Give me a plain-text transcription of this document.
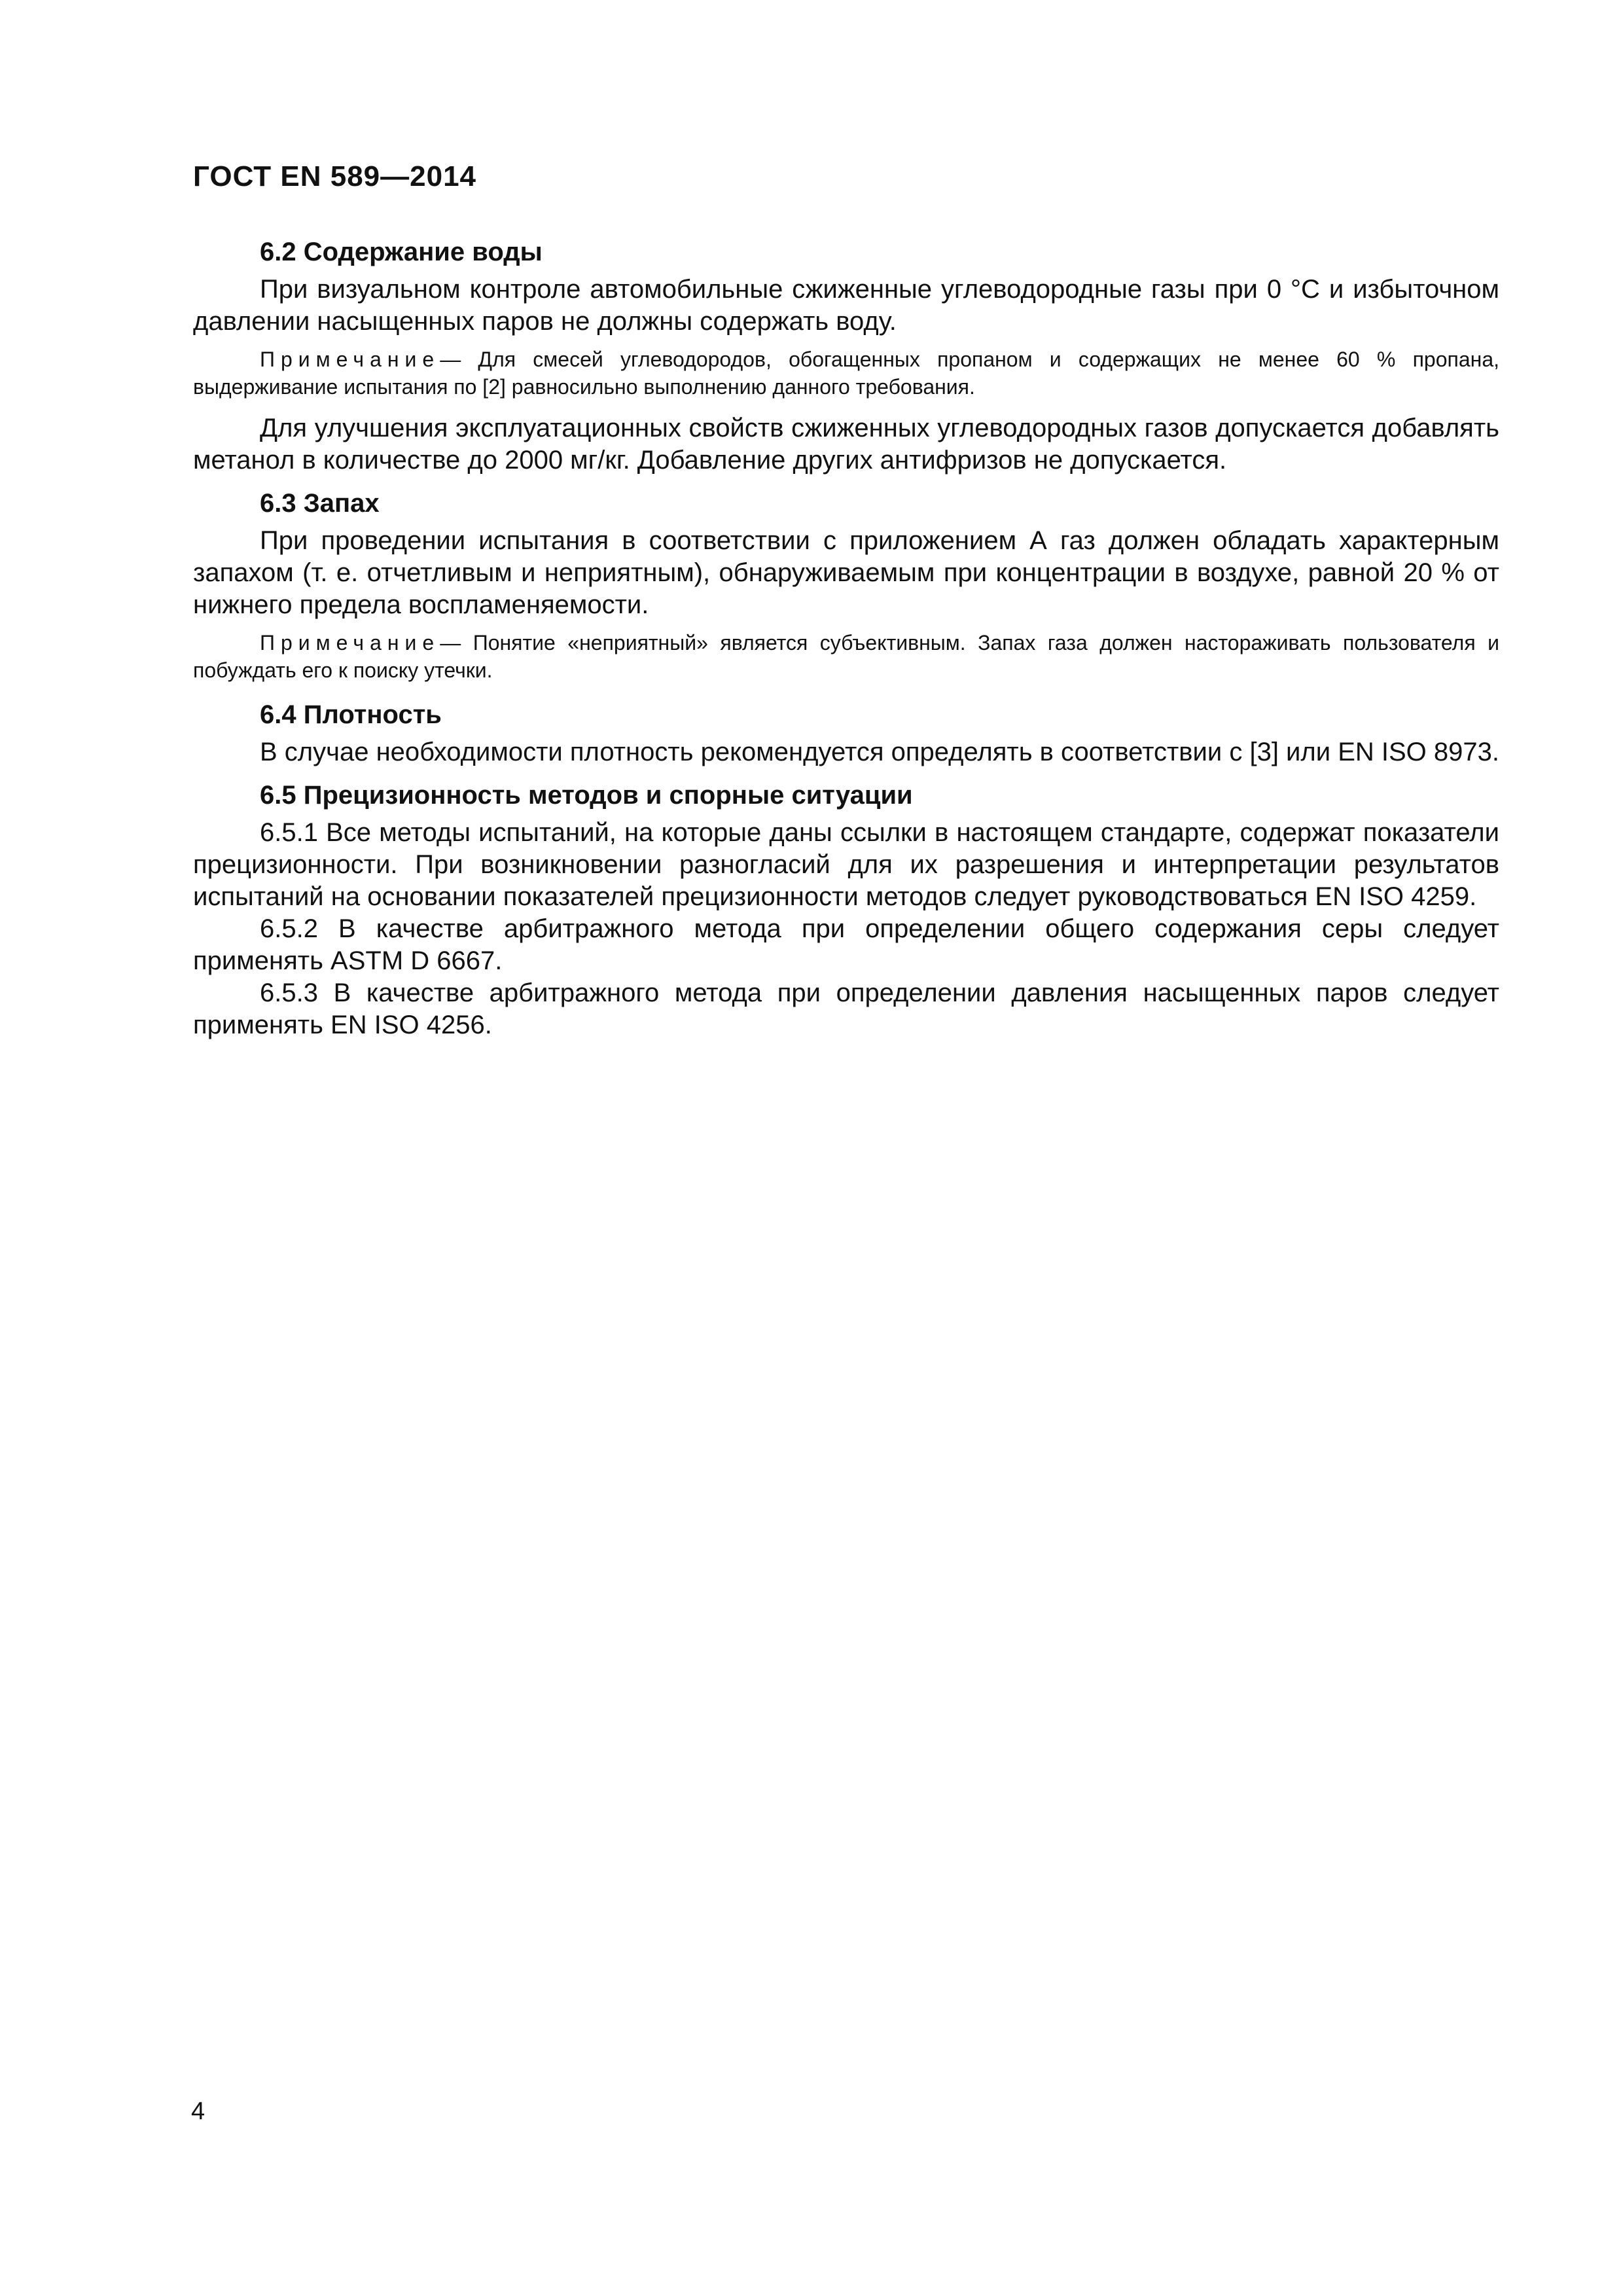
ГОСТ EN 589—2014

6.2 Содержание воды

При визуальном контроле автомобильные сжиженные углеводородные газы при 0 °С и избыточном давлении насыщенных паров не должны содержать воду.

Примечание— Для смесей углеводородов, обогащенных пропаном и содержащих не менее 60 % пропана, выдерживание испытания по [2] равносильно выполнению данного требования.

Для улучшения эксплуатационных свойств сжиженных углеводородных газов допускается добавлять метанол в количестве до 2000 мг/кг. Добавление других антифризов не допускается.

6.3 Запах

При проведении испытания в соответствии с приложением А газ должен обладать характерным запахом (т. е. отчетливым и неприятным), обнаруживаемым при концентрации в воздухе, равной 20 % от нижнего предела воспламеняемости.

Примечание— Понятие «неприятный» является субъективным. Запах газа должен настораживать пользователя и побуждать его к поиску утечки.

6.4 Плотность

В случае необходимости плотность рекомендуется определять в соответствии с [3] или EN ISO 8973.

6.5 Прецизионность методов и спорные ситуации

6.5.1 Все методы испытаний, на которые даны ссылки в настоящем стандарте, содержат показатели прецизионности. При возникновении разногласий для их разрешения и интерпретации результатов испытаний на основании показателей прецизионности методов следует руководствоваться EN ISO 4259.

6.5.2 В качестве арбитражного метода при определении общего содержания серы следует применять ASTM D 6667.

6.5.3 В качестве арбитражного метода при определении давления насыщенных паров следует применять EN ISO 4256.

4
